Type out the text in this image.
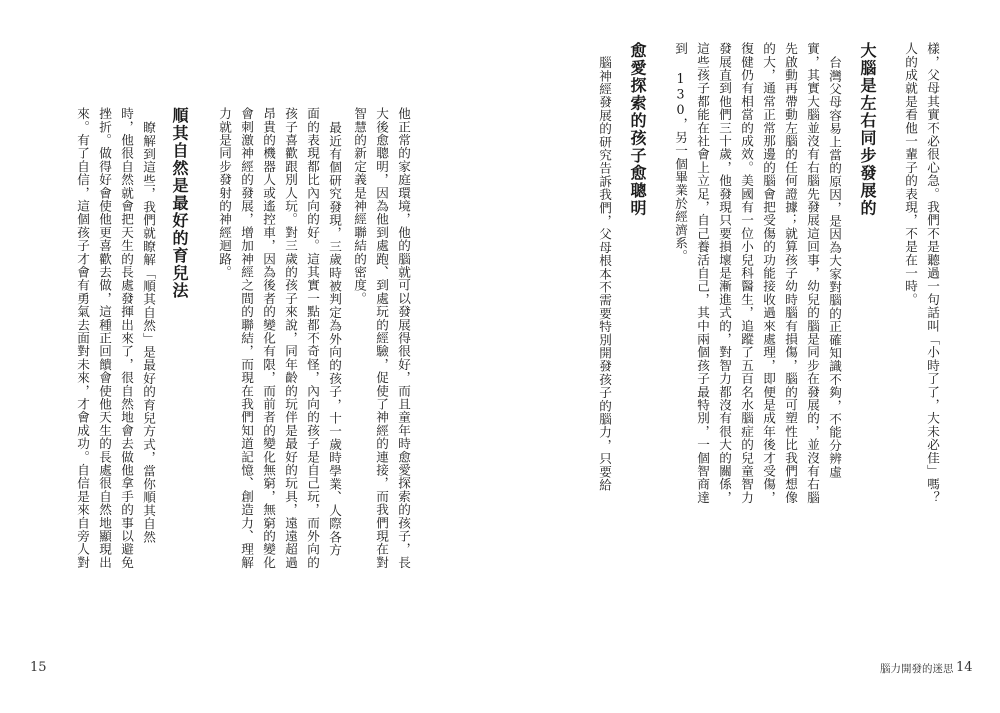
他正常的家庭環境，他的腦就可以發展得很好，而且童年時愈愛探索的孩子，長
大後愈聰明，因為他到處跑、到處玩的經驗，促使了神經的連接，而我們現在對
智慧的新定義是神經聯結的密度。
最近有個研究發現，三歲時被判定為外向的孩子，十一歲時學業、人際各方
面的表現都比內向的好。這其實一點都不奇怪，內向的孩子是自己玩，而外向的
孩子喜歡跟別人玩。對三歲的孩子來說，同年齡的玩伴是最好的玩具，遠遠超過
昂貴的機器人或遙控車，因為後者的變化有限，而前者的變化無窮，無窮的變化
會刺激神經的發展，增加神經之間的聯結，而現在我們知道記憶、創造力、理解
力就是同步發射的神經迴路。
順其自然是最好的育兒法
瞭解到這些，我們就瞭解「順其自然」是最好的育兒方式，當你順其自然
時，他很自然就會把天生的長處發揮出來了，很自然地會去做他拿手的事以避免
挫折。做得好會使他更喜歡去做，這種正回饋會使他天生的長處很自然地顯現出
來。有了自信，這個孩子才會有勇氣去面對未來，才會成功。自信是來自旁人對
15
樣，父母其實不必很心急。我們不是聽過一句話叫「小時了了，大未必佳」嗎？
人的成就是看他一輩子的表現，不是在一時。
大腦是左右同步發展的
台灣父母容易上當的原因，是因為大家對腦的正確知識不夠，不能分辨虛
實，其實大腦並沒有右腦先發展這回事，幼兒的腦是同步在發展的，並沒有右腦
先啟動再帶動左腦的任何證據；就算孩子幼時腦有損傷，腦的可塑性比我們想像
的大，通常正常那邊的腦會把受傷的功能接收過來處理，即便是成年後才受傷，
復健仍有相當的成效。美國有一位小兒科醫生，追蹤了五百名水腦症的兒童智力
發展直到他們三十歲，他發現只要損壞是漸進式的，對智力都沒有很大的關係，
這些孩子都能在社會上立足，自己養活自己，其中兩個孩子最特別，一個智商達
到 130，另一個畢業於經濟系。
愈愛探索的孩子愈聰明
腦神經發展的研究告訴我們，父母根本不需要特別開發孩子的腦力，只要給
腦力開發的迷思 14
